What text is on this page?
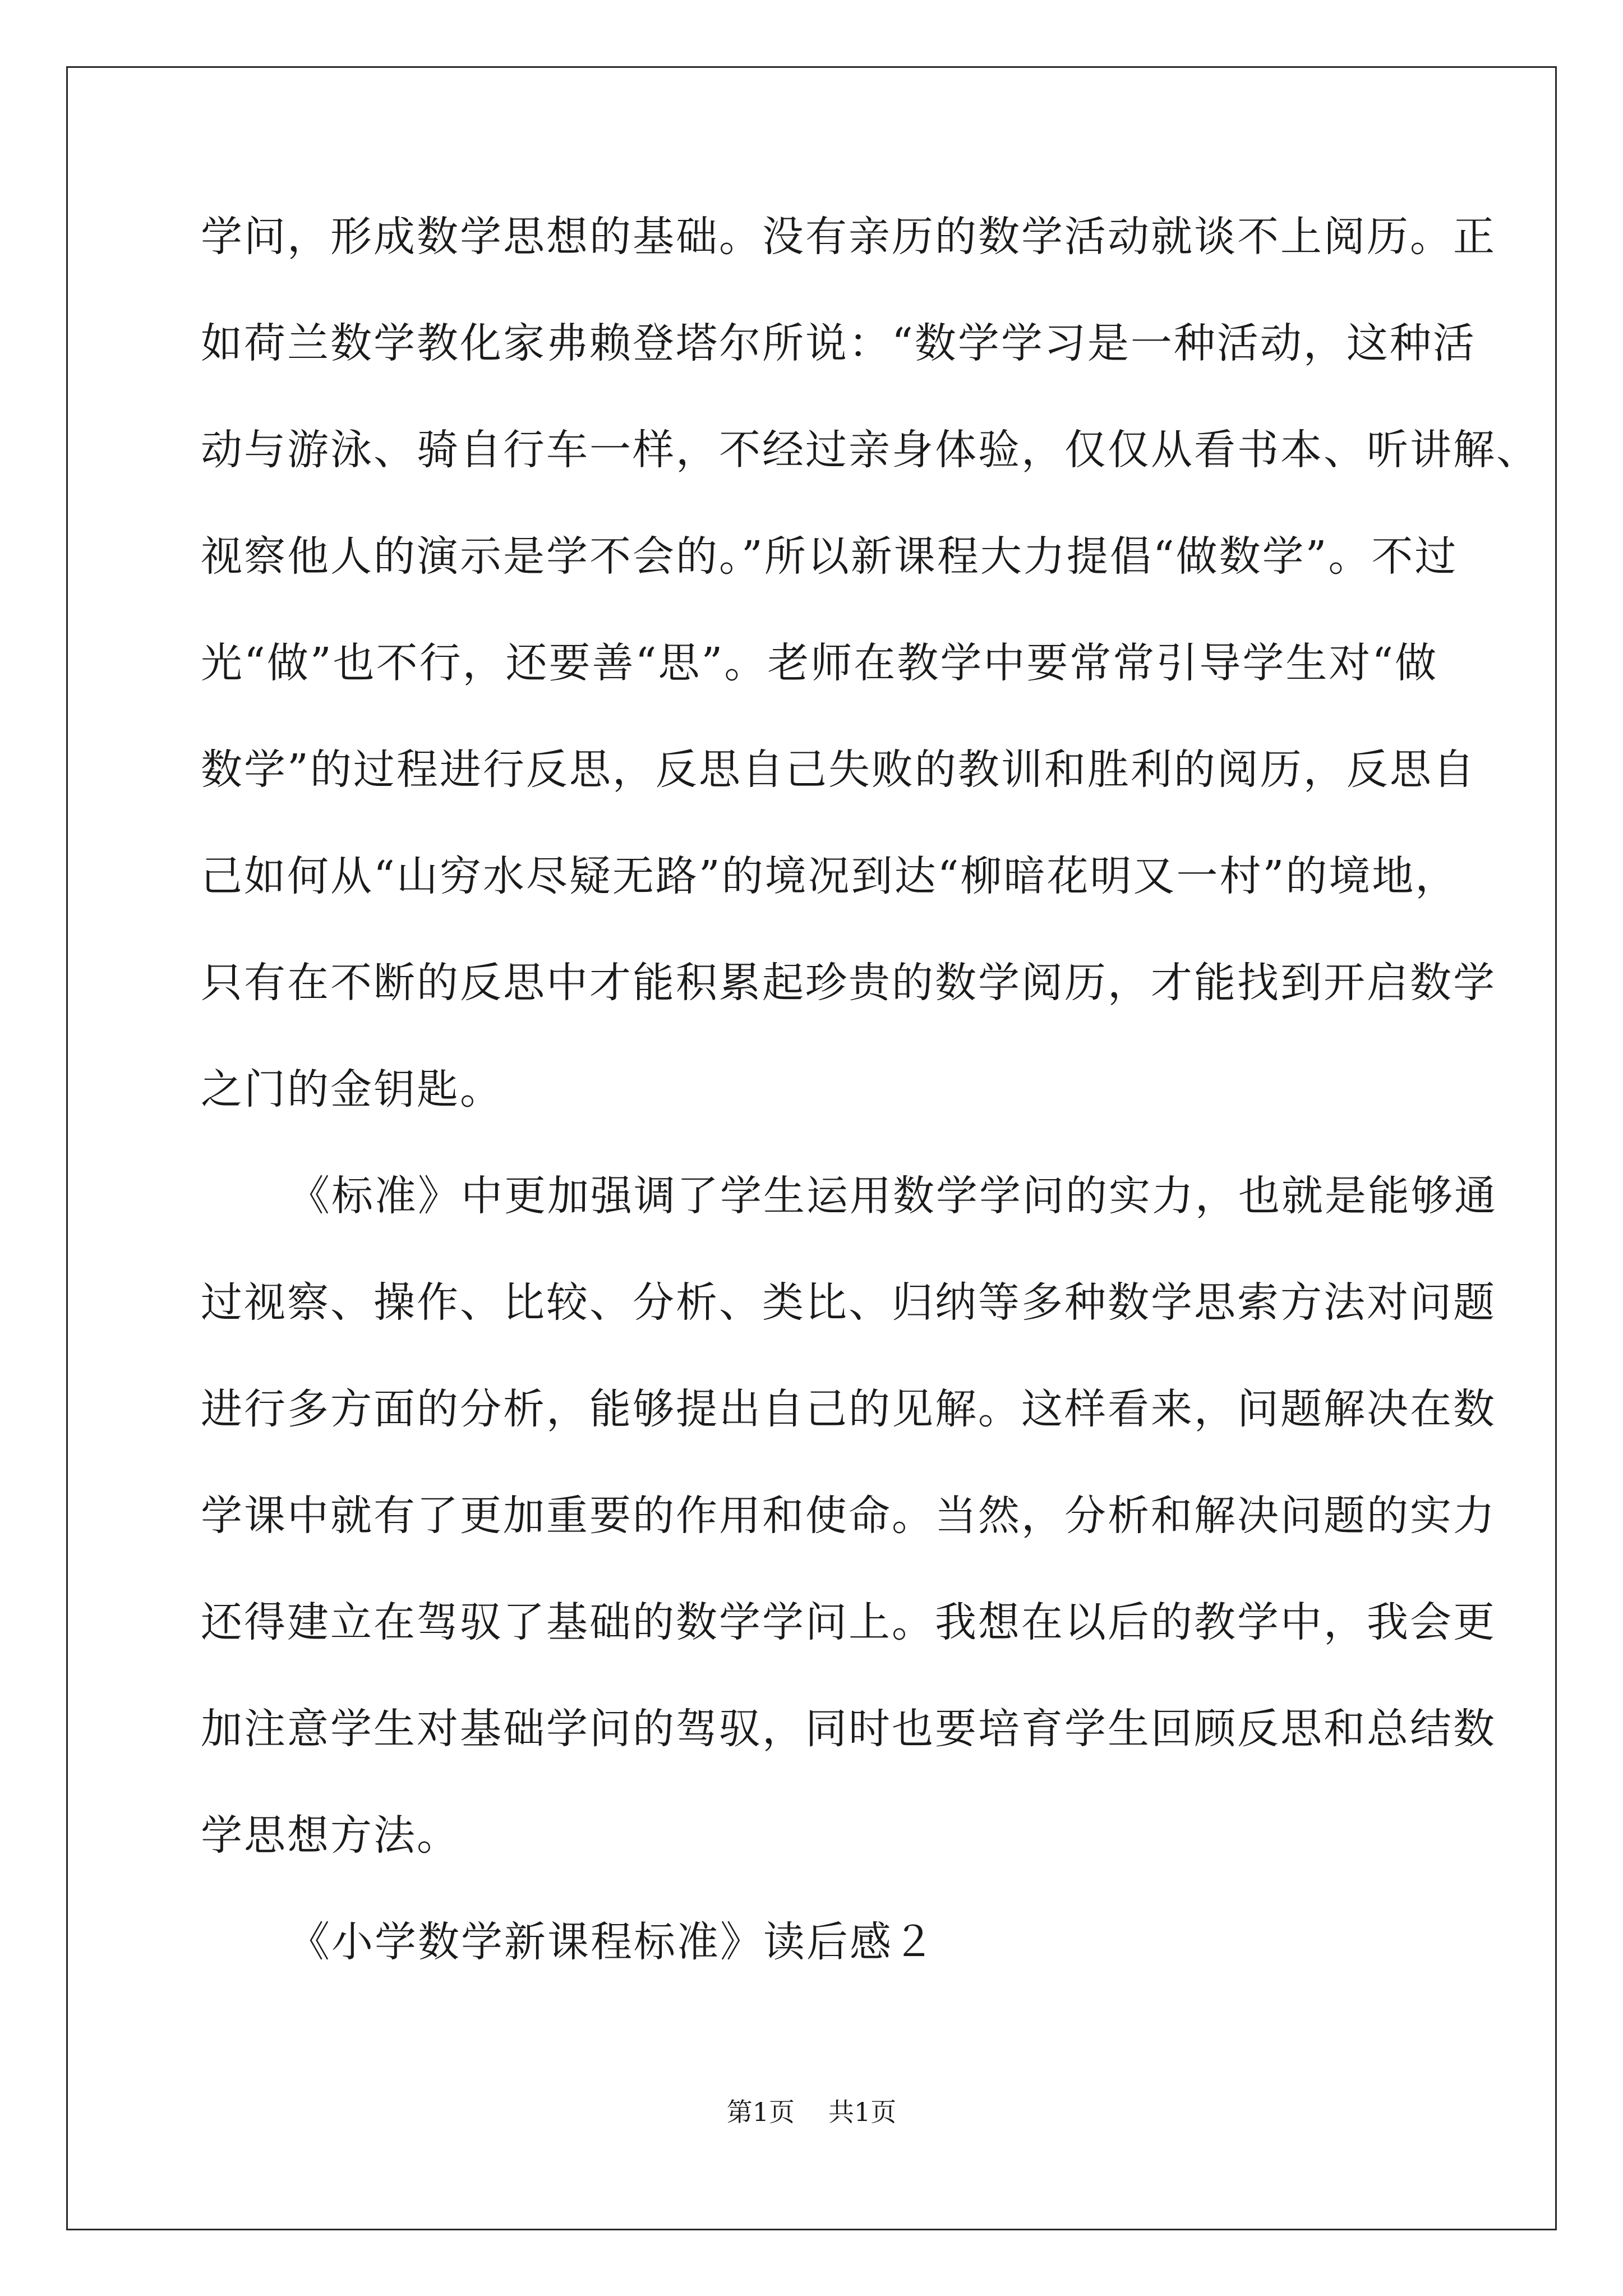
学问，形成数学思想的基础。没有亲历的数学活动就谈不上阅历。正
如荷兰数学教化家弗赖登塔尔所说：“数学学习是一种活动，这种活
动与游泳、骑自行车一样，不经过亲身体验，仅仅从看书本、听讲解、
视察他人的演示是学不会的。”所以新课程大力提倡“做数学”。不过
光“做”也不行，还要善“思”。老师在教学中要常常引导学生对“做
数学”的过程进行反思，反思自己失败的教训和胜利的阅历，反思自
己如何从“山穷水尽疑无路”的境况到达“柳暗花明又一村”的境地，
只有在不断的反思中才能积累起珍贵的数学阅历，才能找到开启数学
之门的金钥匙。
《标准》中更加强调了学生运用数学学问的实力，也就是能够通
过视察、操作、比较、分析、类比、归纳等多种数学思索方法对问题
进行多方面的分析，能够提出自己的见解。这样看来，问题解决在数
学课中就有了更加重要的作用和使命。当然，分析和解决问题的实力
还得建立在驾驭了基础的数学学问上。我想在以后的教学中，我会更
加注意学生对基础学问的驾驭，同时也要培育学生回顾反思和总结数
学思想方法。
《小学数学新课程标准》读后感２
第1页 共1页
